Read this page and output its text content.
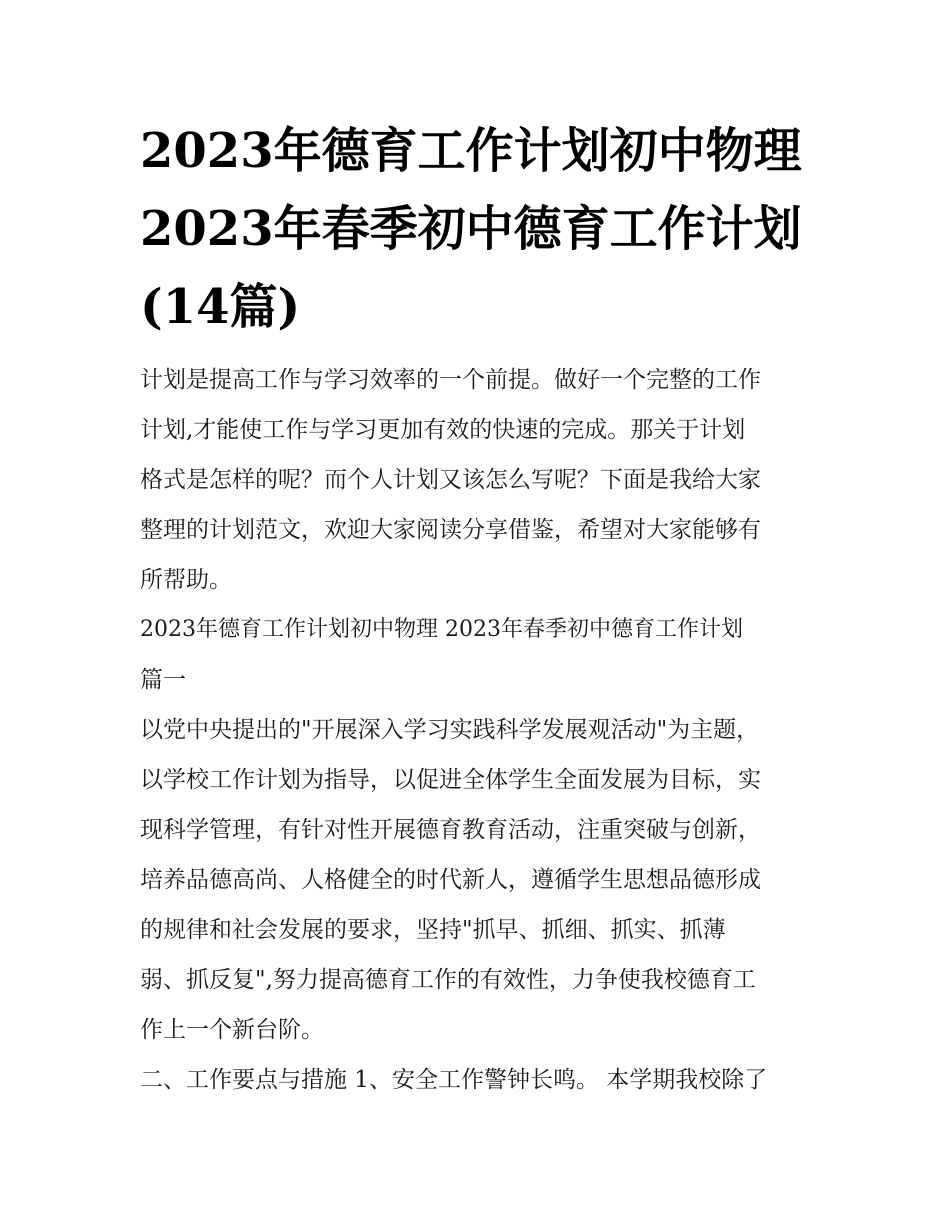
2023年德育工作计划初中物理
2023年春季初中德育工作计划
(14篇)

计划是提高工作与学习效率的一个前提。做好一个完整的工作
计划,才能使工作与学习更加有效的快速的完成。那关于计划
格式是怎样的呢？而个人计划又该怎么写呢？下面是我给大家
整理的计划范文，欢迎大家阅读分享借鉴，希望对大家能够有
所帮助。

2023年德育工作计划初中物理 2023年春季初中德育工作计划
篇一

以党中央提出的"开展深入学习实践科学发展观活动"为主题，
以学校工作计划为指导，以促进全体学生全面发展为目标，实
现科学管理，有针对性开展德育教育活动，注重突破与创新，
培养品德高尚、人格健全的时代新人，遵循学生思想品德形成
的规律和社会发展的要求，坚持"抓早、抓细、抓实、抓薄
弱、抓反复",努力提高德育工作的有效性，力争使我校德育工
作上一个新台阶。

二、工作要点与措施 1、安全工作警钟长鸣。 本学期我校除了
